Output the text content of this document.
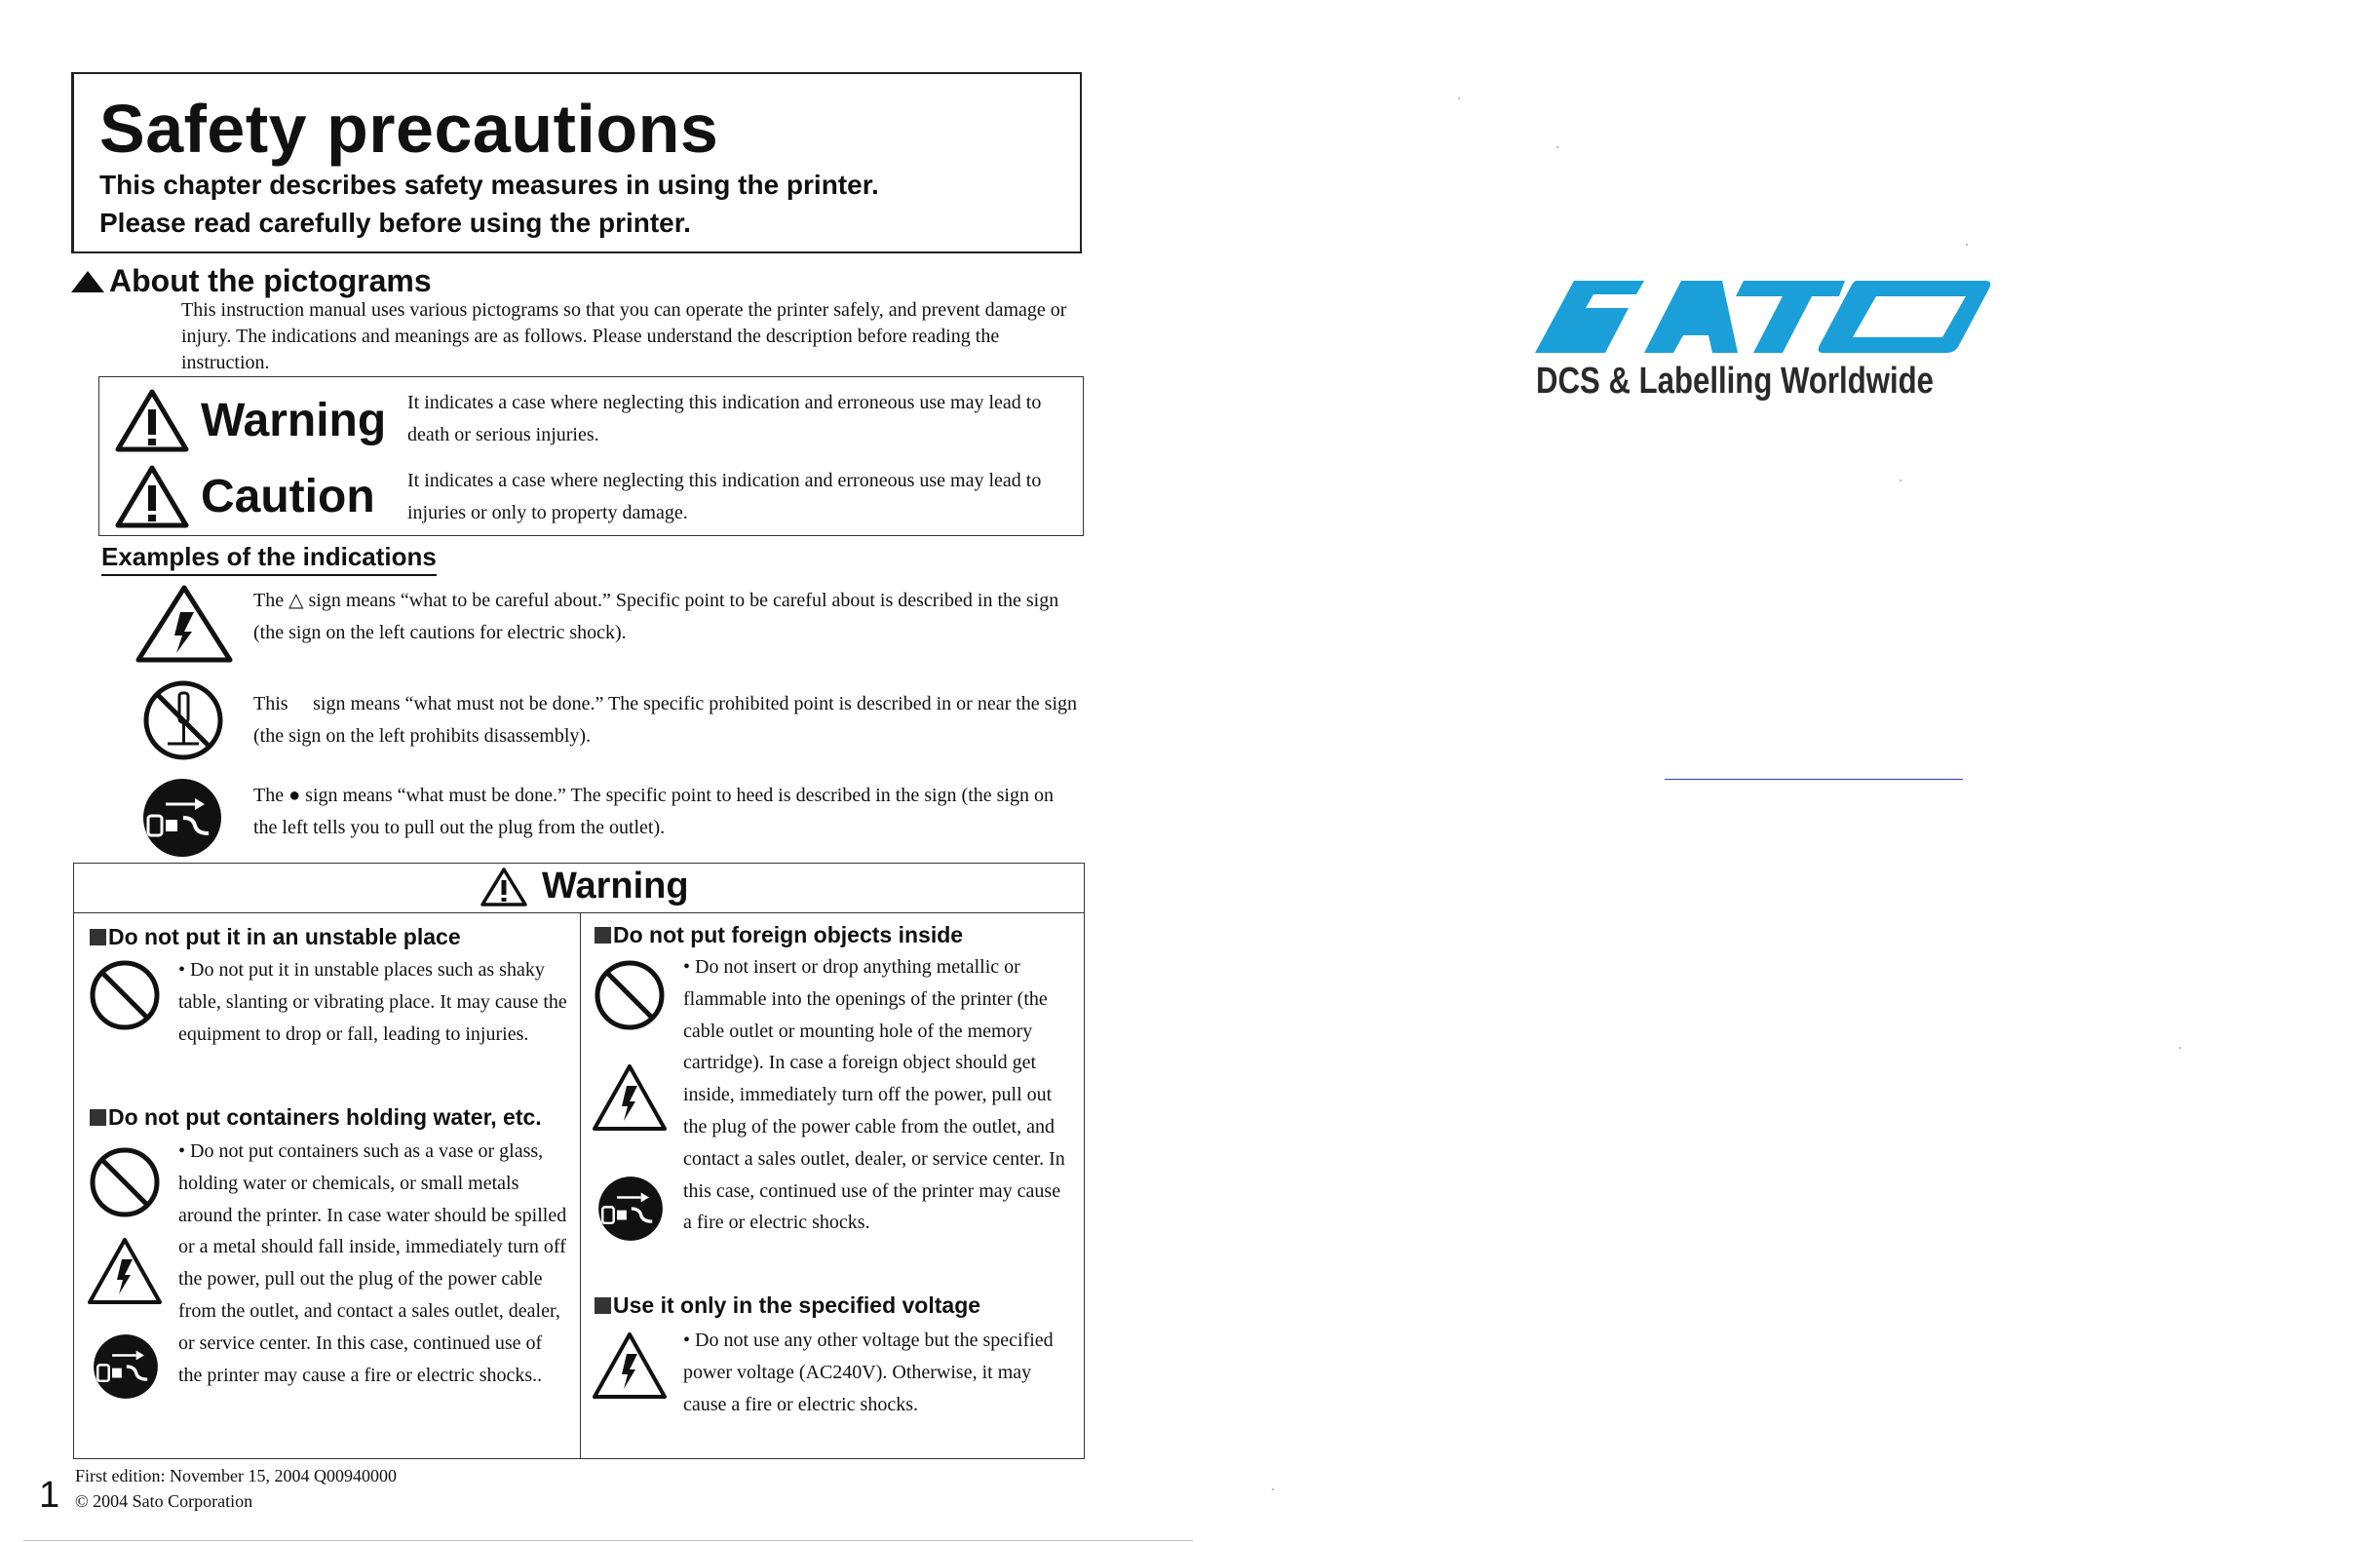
Safety precautions
This chapter describes safety measures in using the printer.
Please read carefully before using the printer.
About the pictograms
This instruction manual uses various pictograms so that you can operate the printer safely, and prevent damage or injury. The indications and meanings are as follows. Please understand the description before reading the instruction.
Warning It indicates a case where neglecting this indication and erroneous use may lead to death or serious injuries.
Caution It indicates a case where neglecting this indication and erroneous use may lead to injuries or only to property damage.
Examples of the indications
The △ sign means “what to be careful about.” Specific point to be careful about is described in the sign (the sign on the left cautions for electric shock).
This ⃠ sign means “what must not be done.” The specific prohibited point is described in or near the sign (the sign on the left prohibits disassembly).
The ● sign means “what must be done.” The specific point to heed is described in the sign (the sign on the left tells you to pull out the plug from the outlet).
Warning
Do not put it in an unstable place
• Do not put it in unstable places such as shaky table, slanting or vibrating place. It may cause the equipment to drop or fall, leading to injuries.
Do not put containers holding water, etc.
• Do not put containers such as a vase or glass, holding water or chemicals, or small metals around the printer. In case water should be spilled or a metal should fall inside, immediately turn off the power, pull out the plug of the power cable from the outlet, and contact a sales outlet, dealer, or service center. In this case, continued use of the printer may cause a fire or electric shocks..
Do not put foreign objects inside
• Do not insert or drop anything metallic or flammable into the openings of the printer (the cable outlet or mounting hole of the memory cartridge). In case a foreign object should get inside, immediately turn off the power, pull out the plug of the power cable from the outlet, and contact a sales outlet, dealer, or service center. In this case, continued use of the printer may cause a fire or electric shocks.
Use it only in the specified voltage
• Do not use any other voltage but the specified power voltage (AC240V). Otherwise, it may cause a fire or electric shocks.
1 First edition: November 15, 2004 Q00940000
© 2004 Sato Corporation
DCS & Labelling Worldwide
